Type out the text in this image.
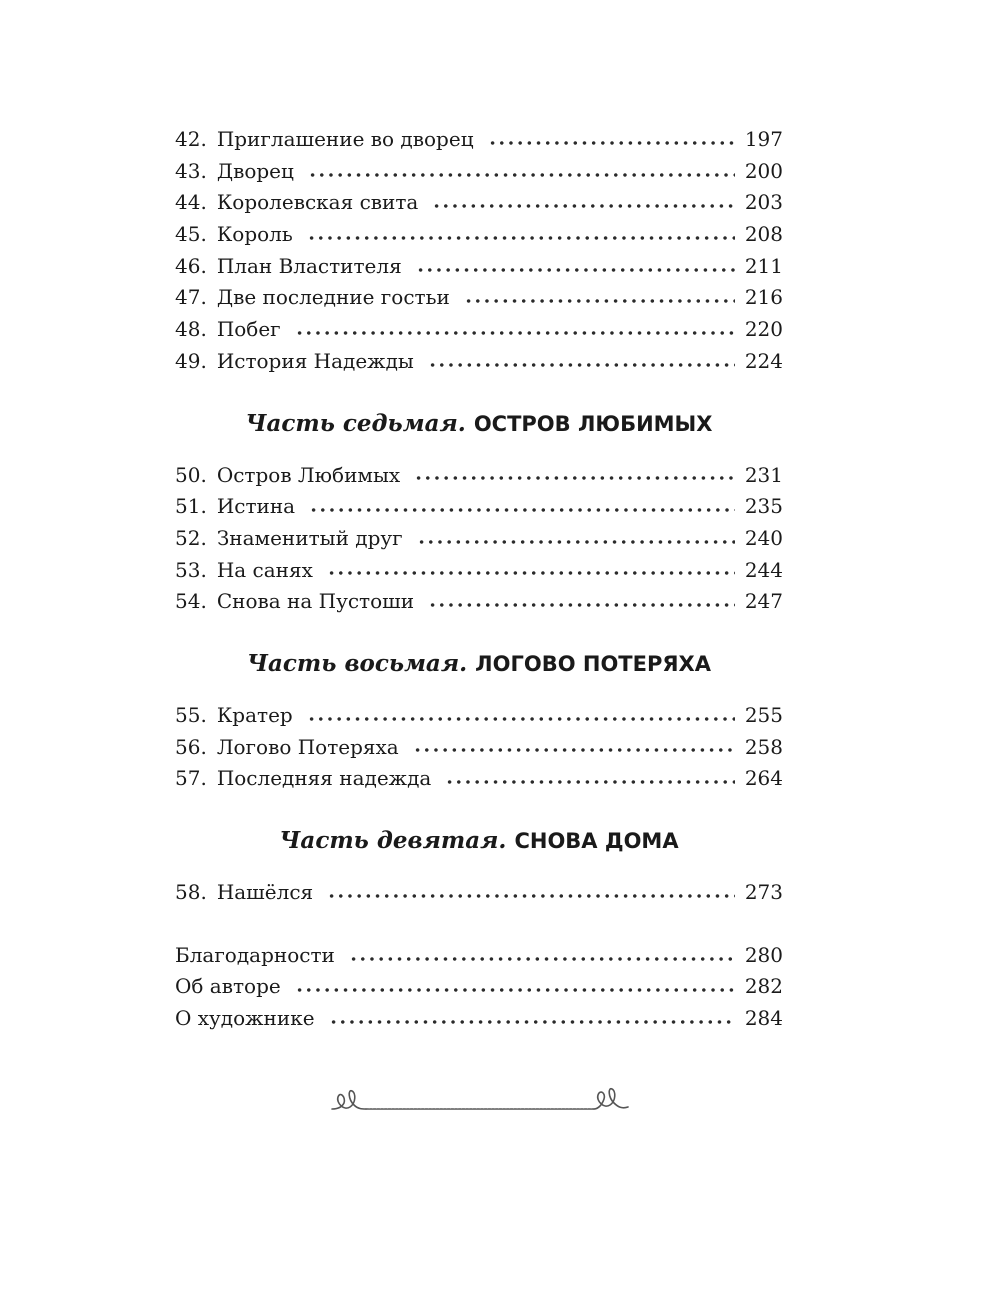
42. Приглашение во дворец	197
43. Дворец	200
44. Королевская свита	203
45. Король	208
46. План Властителя	211
47. Две последние гостьи	216
48. Побег	220
49. История Надежды	224
Часть седьмая. ОСТРОВ ЛЮБИМЫХ
50. Остров Любимых	231
51. Истина	235
52. Знаменитый друг	240
53. На санях	244
54. Снова на Пустоши	247
Часть восьмая. ЛОГОВО ПОТЕРЯХА
55. Кратер	255
56. Логово Потеряха	258
57. Последняя надежда	264
Часть девятая. СНОВА ДОМА
58. Нашёлся	273
Благодарности	280
Об авторе	282
О художнике	284
